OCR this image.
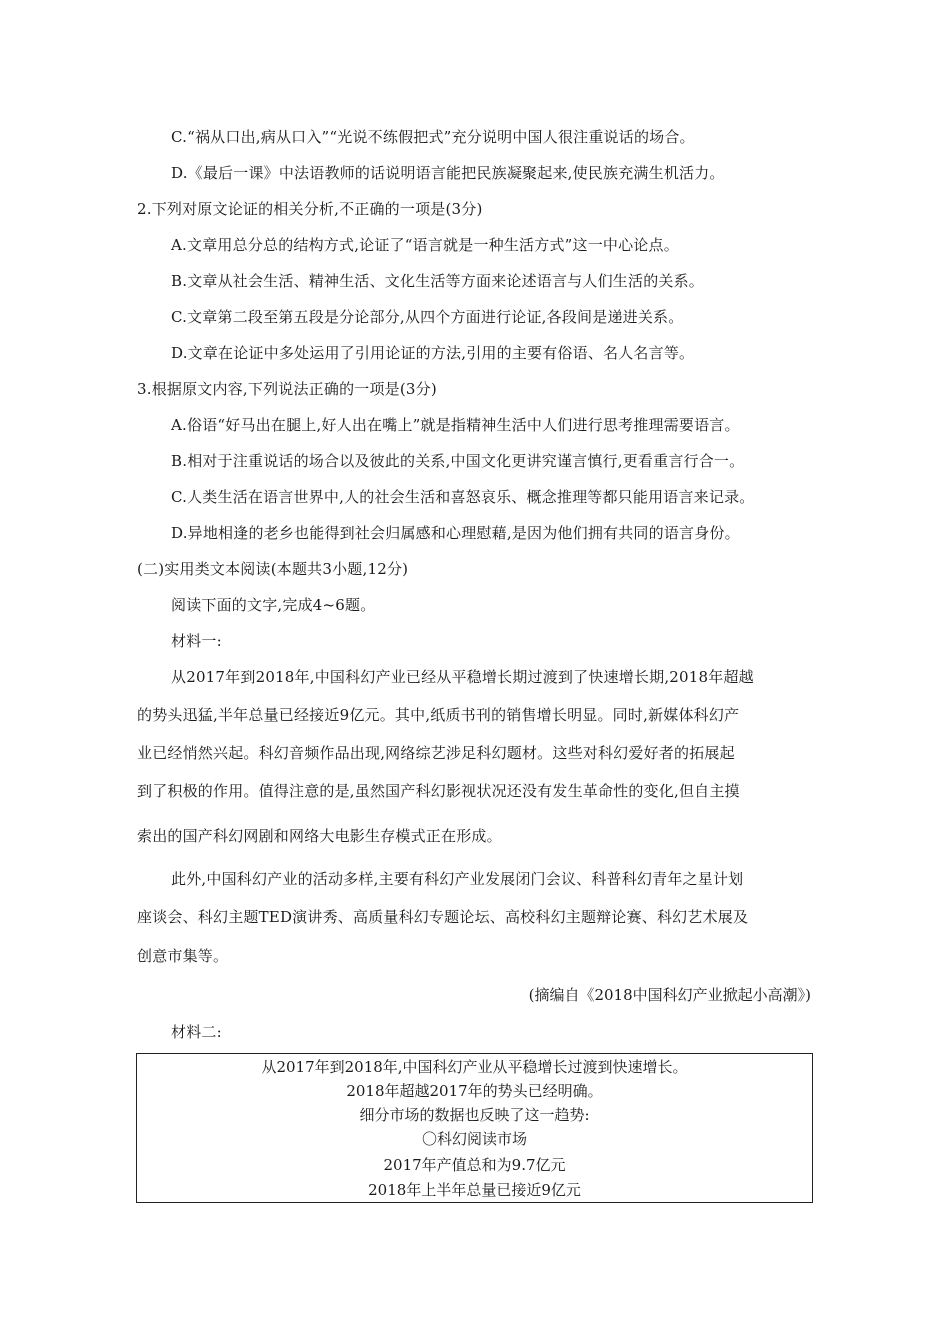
C.“祸从口出,病从口入”“光说不练假把式”充分说明中国人很注重说话的场合。
D.《最后一课》中法语教师的话说明语言能把民族凝聚起来,使民族充满生机活力。
2.下列对原文论证的相关分析,不正确的一项是(3分)
A.文章用总分总的结构方式,论证了“语言就是一种生活方式”这一中心论点。
B.文章从社会生活、精神生活、文化生活等方面来论述语言与人们生活的关系。
C.文章第二段至第五段是分论部分,从四个方面进行论证,各段间是递进关系。
D.文章在论证中多处运用了引用论证的方法,引用的主要有俗语、名人名言等。
3.根据原文内容,下列说法正确的一项是(3分)
A.俗语“好马出在腿上,好人出在嘴上”就是指精神生活中人们进行思考推理需要语言。
B.相对于注重说话的场合以及彼此的关系,中国文化更讲究谨言慎行,更看重言行合一。
C.人类生活在语言世界中,人的社会生活和喜怒哀乐、概念推理等都只能用语言来记录。
D.异地相逢的老乡也能得到社会归属感和心理慰藉,是因为他们拥有共同的语言身份。
(二)实用类文本阅读(本题共3小题,12分)
阅读下面的文字,完成4~6题。
材料一:
从2017年到2018年,中国科幻产业已经从平稳增长期过渡到了快速增长期,2018年超越
的势头迅猛,半年总量已经接近9亿元。其中,纸质书刊的销售增长明显。同时,新媒体科幻产
业已经悄然兴起。科幻音频作品出现,网络综艺涉足科幻题材。这些对科幻爱好者的拓展起
到了积极的作用。值得注意的是,虽然国产科幻影视状况还没有发生革命性的变化,但自主摸
索出的国产科幻网剧和网络大电影生存模式正在形成。
此外,中国科幻产业的活动多样,主要有科幻产业发展闭门会议、科普科幻青年之星计划
座谈会、科幻主题TED演讲秀、高质量科幻专题论坛、高校科幻主题辩论赛、科幻艺术展及
创意市集等。
(摘编自《2018中国科幻产业掀起小高潮》)
材料二:
从2017年到2018年,中国科幻产业从平稳增长过渡到快速增长。
2018年超越2017年的势头已经明确。
细分市场的数据也反映了这一趋势:
〇科幻阅读市场
2017年产值总和为9.7亿元
2018年上半年总量已接近9亿元
